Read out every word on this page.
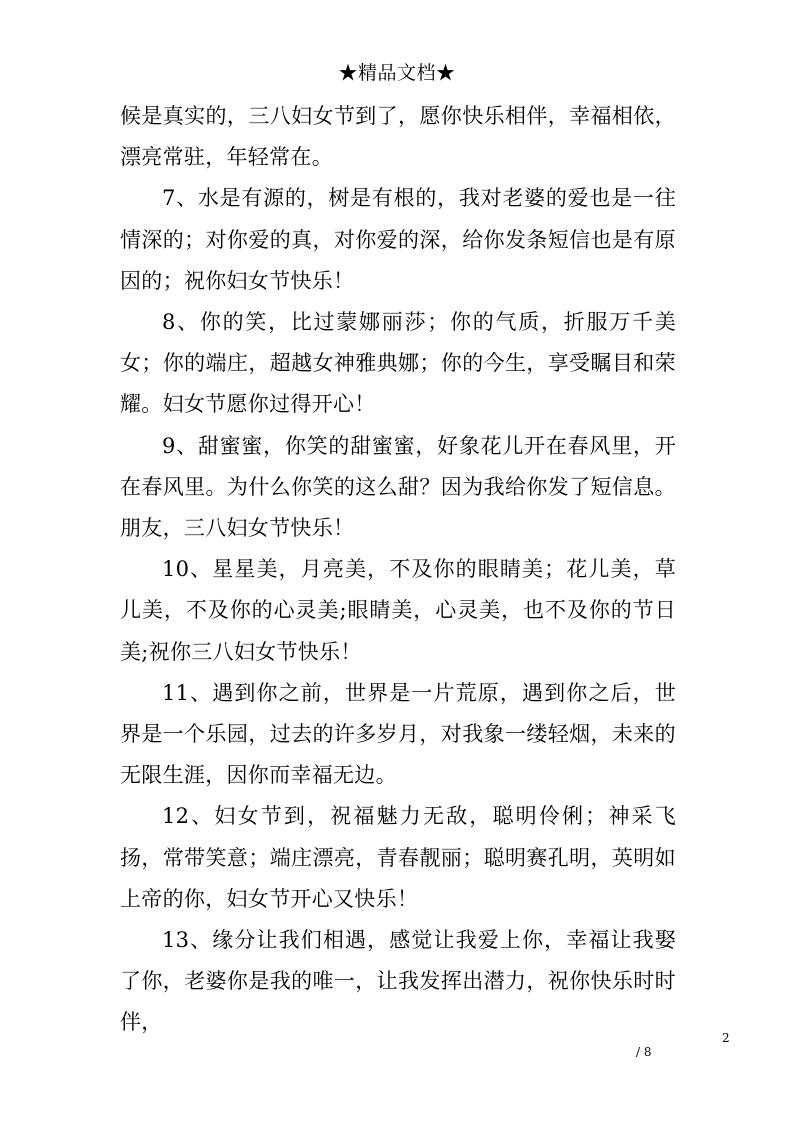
★精品文档★

候是真实的，三八妇女节到了，愿你快乐相伴，幸福相依，漂亮常驻，年轻常在。

7、水是有源的，树是有根的，我对老婆的爱也是一往情深的；对你爱的真，对你爱的深，给你发条短信也是有原因的；祝你妇女节快乐！

8、你的笑，比过蒙娜丽莎；你的气质，折服万千美女；你的端庄，超越女神雅典娜；你的今生，享受瞩目和荣耀。妇女节愿你过得开心！

9、甜蜜蜜，你笑的甜蜜蜜，好象花儿开在春风里，开在春风里。为什么你笑的这么甜？因为我给你发了短信息。朋友，三八妇女节快乐！

10、星星美，月亮美，不及你的眼睛美；花儿美，草儿美，不及你的心灵美;眼睛美，心灵美，也不及你的节日美;祝你三八妇女节快乐！

11、遇到你之前，世界是一片荒原，遇到你之后，世界是一个乐园，过去的许多岁月，对我象一缕轻烟，未来的无限生涯，因你而幸福无边。

12、妇女节到，祝福魅力无敌，聪明伶俐；神采飞扬，常带笑意；端庄漂亮，青春靓丽；聪明赛孔明，英明如上帝的你，妇女节开心又快乐！

13、缘分让我们相遇，感觉让我爱上你，幸福让我娶了你，老婆你是我的唯一，让我发挥出潜力，祝你快乐时时伴，

2
/ 8
